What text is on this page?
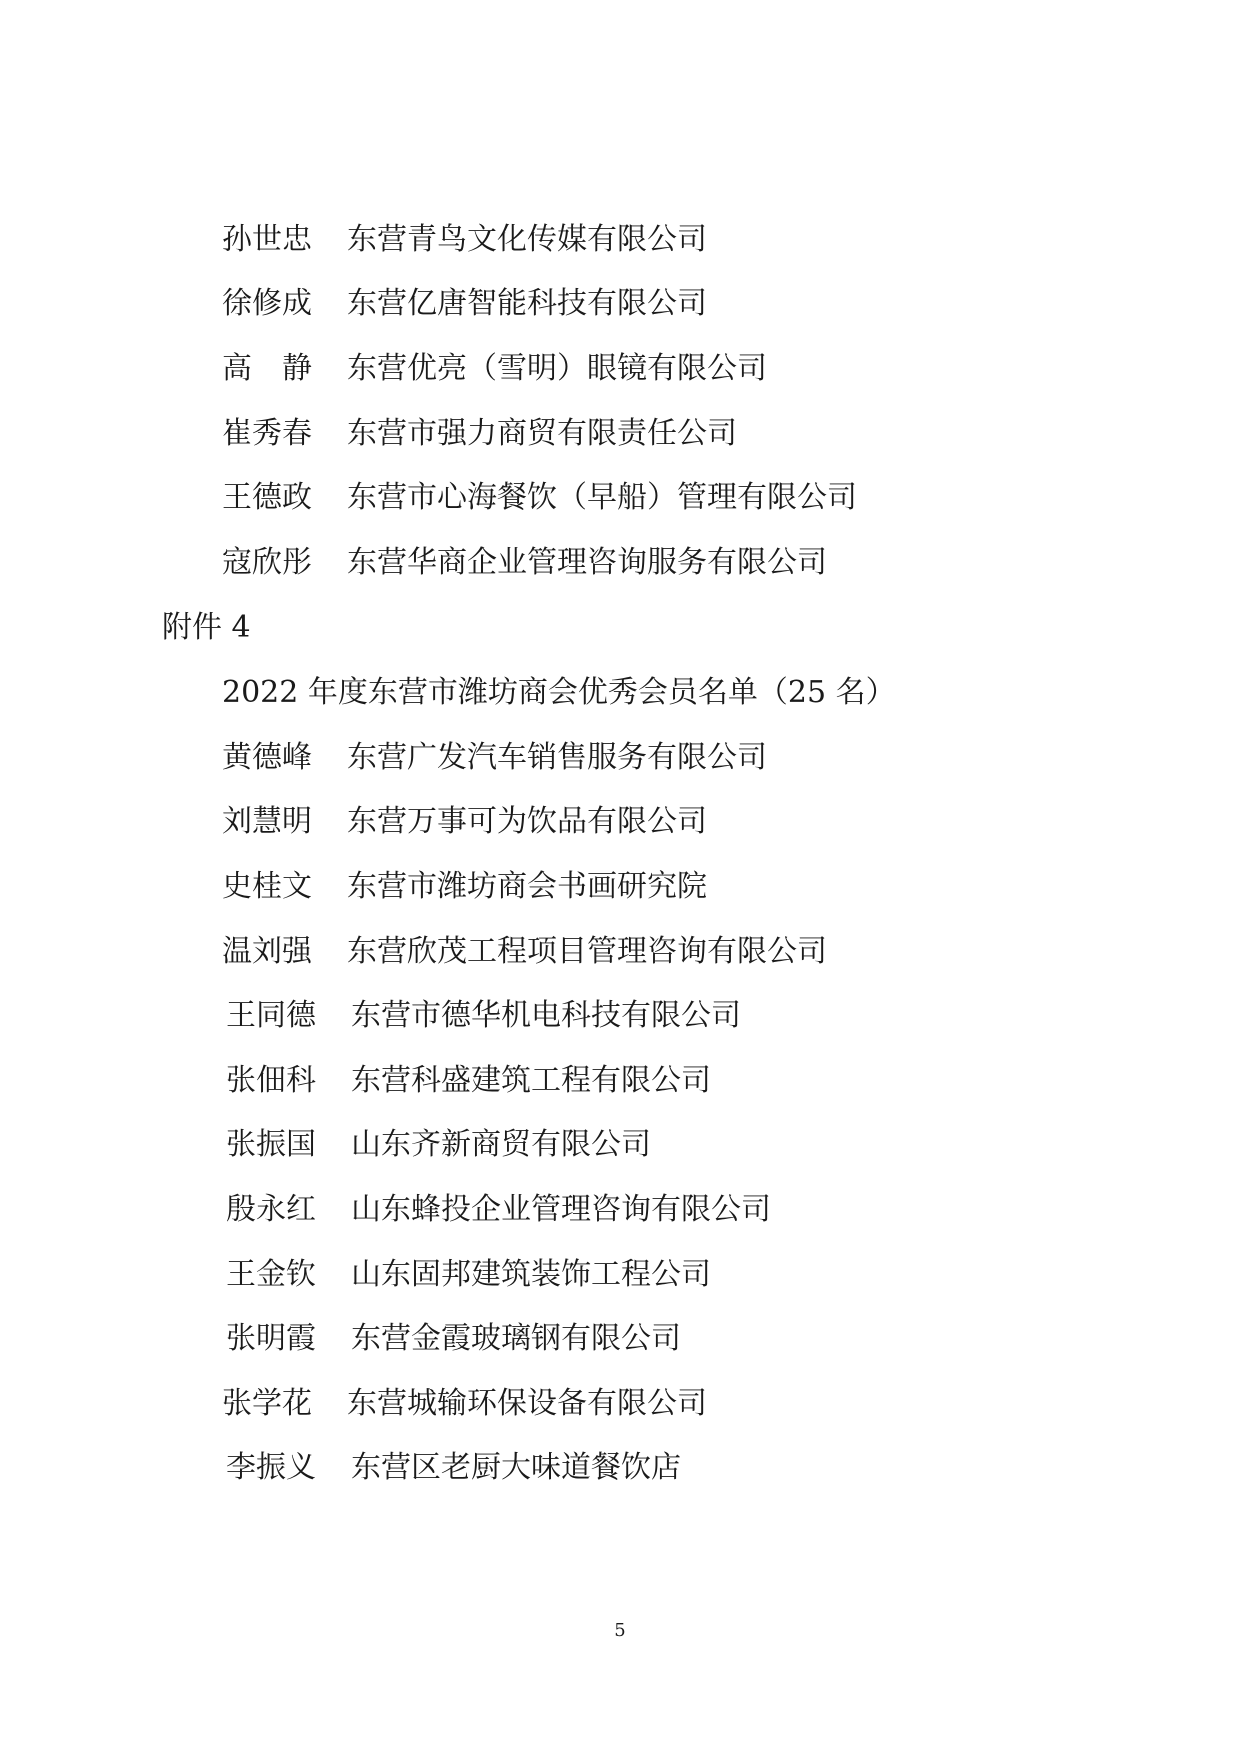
孙世忠 东营青鸟文化传媒有限公司
徐修成 东营亿唐智能科技有限公司
高　静 东营优亮（雪明）眼镜有限公司
崔秀春 东营市强力商贸有限责任公司
王德政 东营市心海餐饮（早船）管理有限公司
寇欣彤 东营华商企业管理咨询服务有限公司
附件 4
2022 年度东营市潍坊商会优秀会员名单（25 名）
黄德峰 东营广发汽车销售服务有限公司
刘慧明 东营万事可为饮品有限公司
史桂文 东营市潍坊商会书画研究院
温刘强 东营欣茂工程项目管理咨询有限公司
王同德 东营市德华机电科技有限公司
张佃科 东营科盛建筑工程有限公司
张振国 山东齐新商贸有限公司
殷永红 山东蜂投企业管理咨询有限公司
王金钦 山东固邦建筑装饰工程公司
张明霞 东营金霞玻璃钢有限公司
张学花 东营城输环保设备有限公司
李振义 东营区老厨大味道餐饮店
5
